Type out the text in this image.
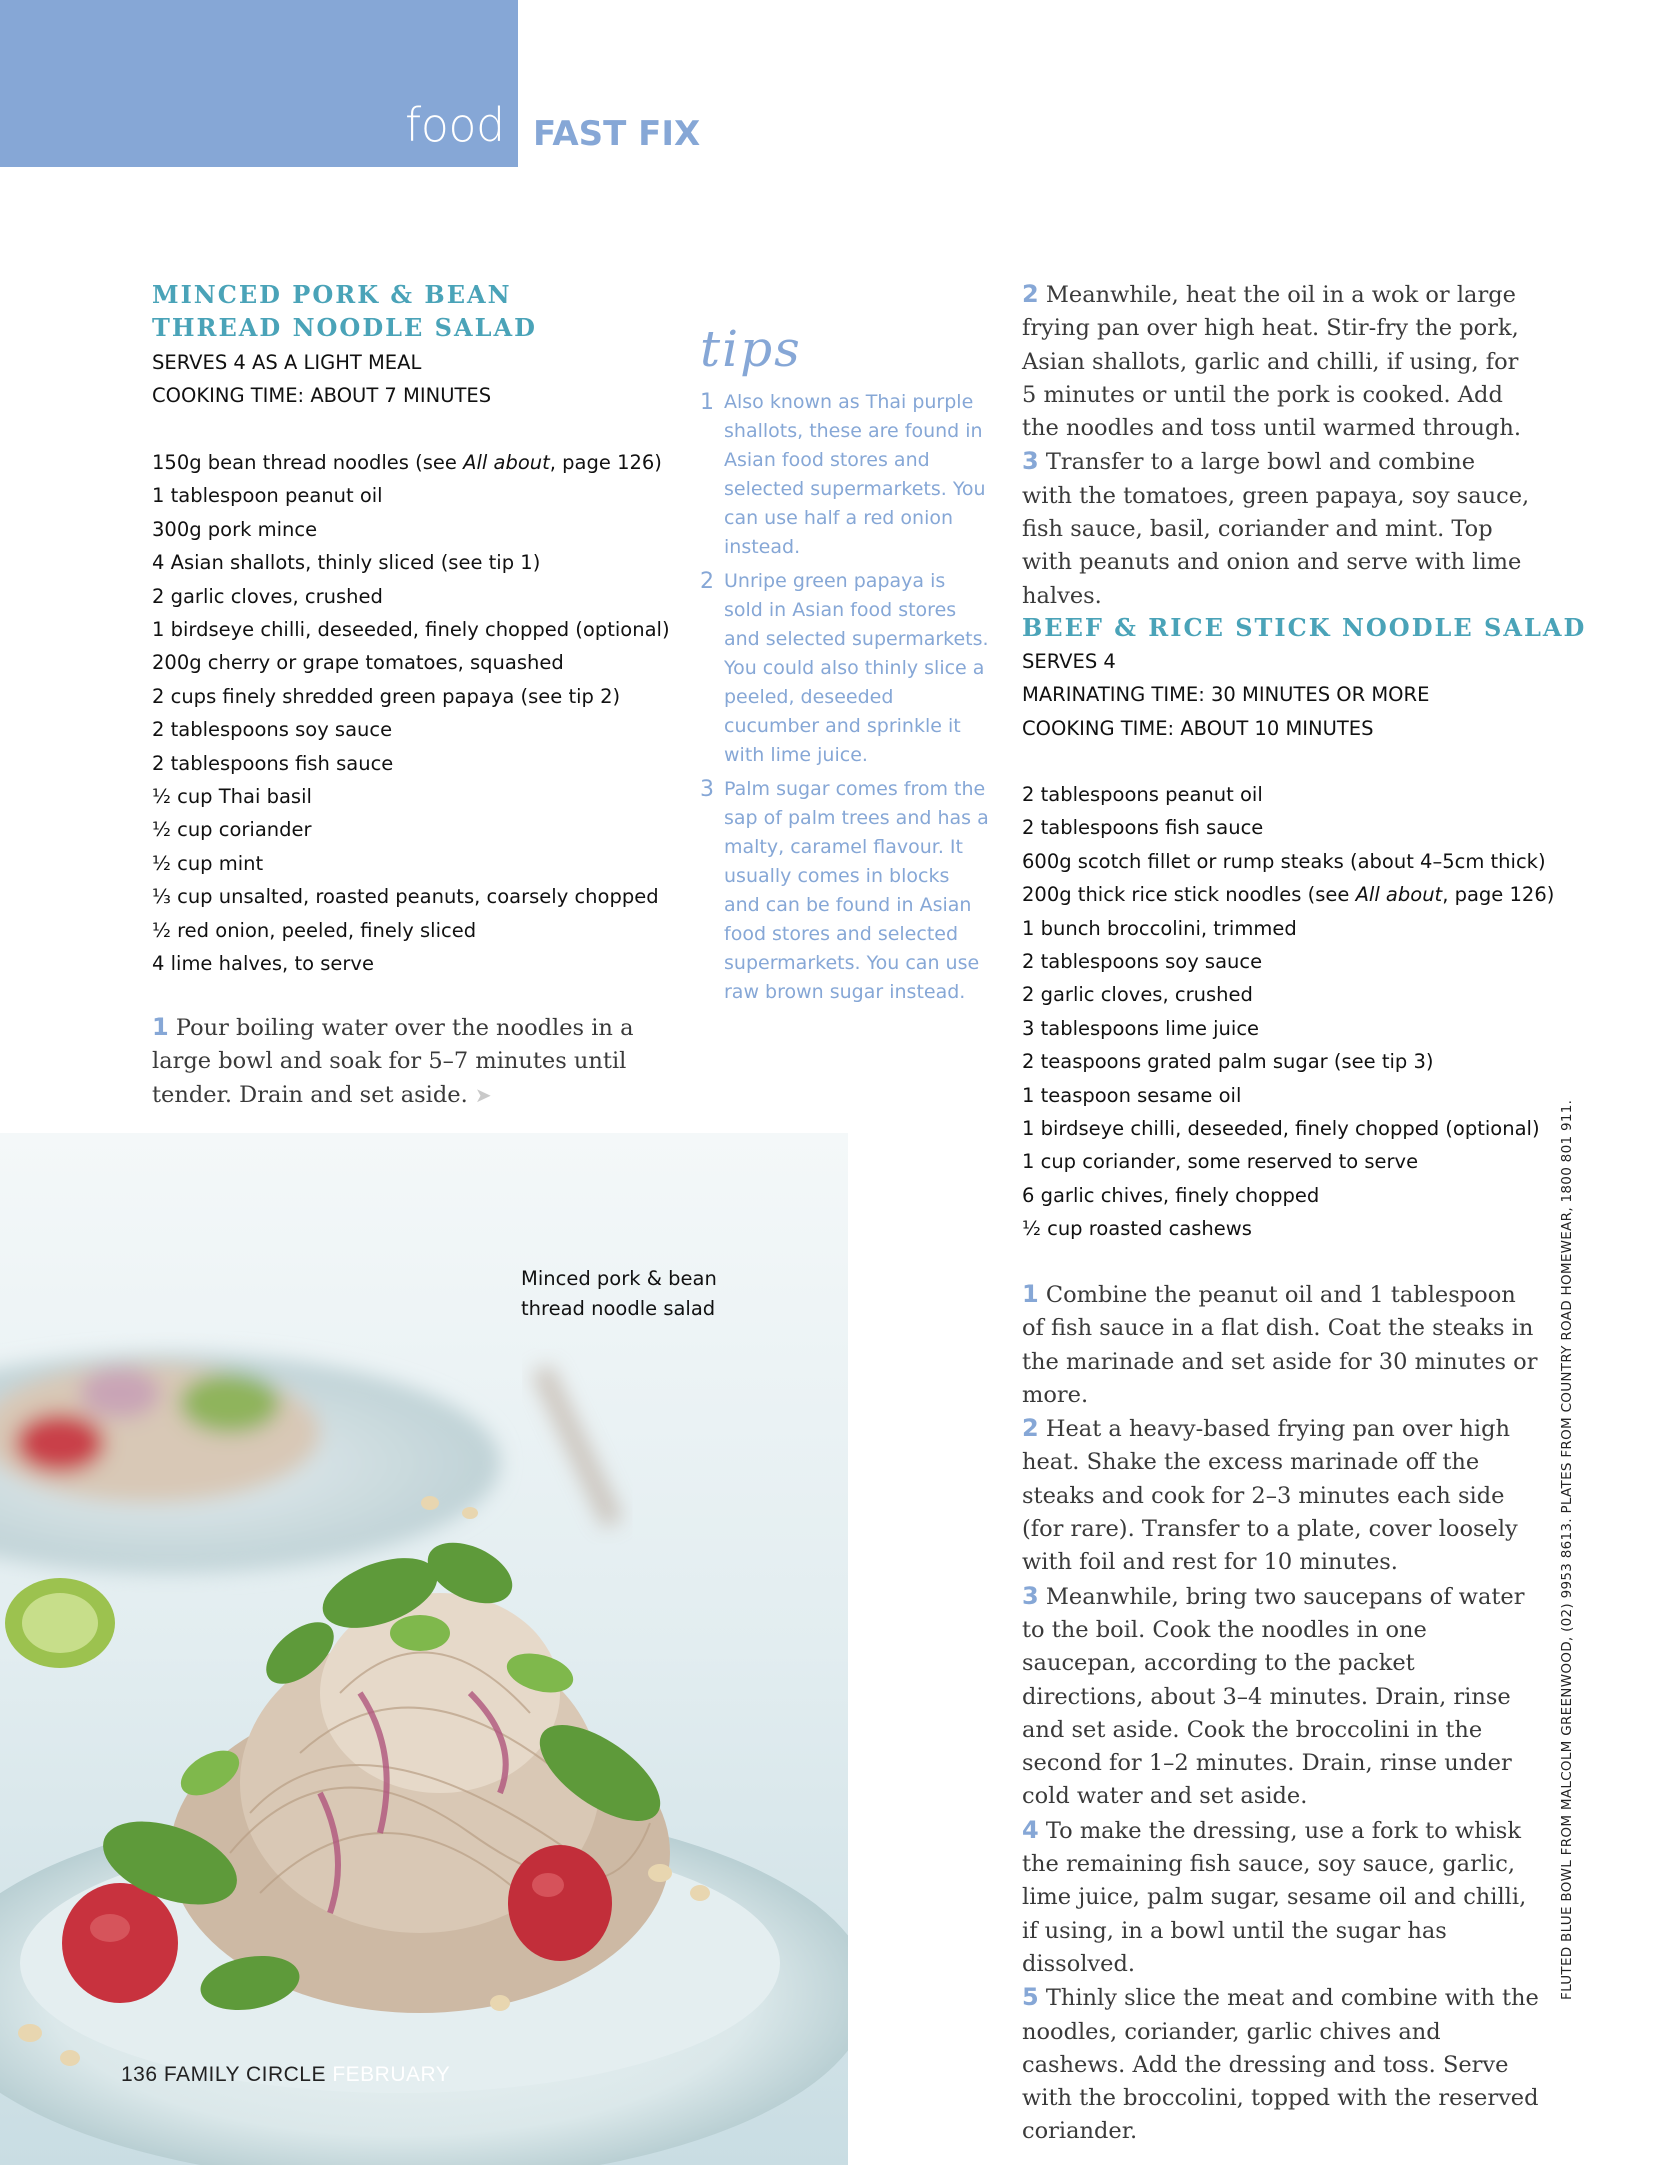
food FAST FIX
MINCED PORK & BEAN
THREAD NOODLE SALAD
SERVES 4 AS A LIGHT MEAL
COOKING TIME: ABOUT 7 MINUTES
150g bean thread noodles (see All about, page 126)
1 tablespoon peanut oil
300g pork mince
4 Asian shallots, thinly sliced (see tip 1)
2 garlic cloves, crushed
1 birdseye chilli, deseeded, finely chopped (optional)
200g cherry or grape tomatoes, squashed
2 cups finely shredded green papaya (see tip 2)
2 tablespoons soy sauce
2 tablespoons fish sauce
½ cup Thai basil
½ cup coriander
½ cup mint
⅓ cup unsalted, roasted peanuts, coarsely chopped
½ red onion, peeled, finely sliced
4 lime halves, to serve

1 Pour boiling water over the noodles in a large bowl and soak for 5–7 minutes until tender. Drain and set aside. ➤

tips
1 Also known as Thai purple shallots, these are found in Asian food stores and selected supermarkets. You can use half a red onion instead.
2 Unripe green papaya is sold in Asian food stores and selected supermarkets. You could also thinly slice a peeled, deseeded cucumber and sprinkle it with lime juice.
3 Palm sugar comes from the sap of palm trees and has a malty, caramel flavour. It usually comes in blocks and can be found in Asian food stores and selected supermarkets. You can use raw brown sugar instead.

2 Meanwhile, heat the oil in a wok or large frying pan over high heat. Stir-fry the pork, Asian shallots, garlic and chilli, if using, for 5 minutes or until the pork is cooked. Add the noodles and toss until warmed through.

3 Transfer to a large bowl and combine with the tomatoes, green papaya, soy sauce, fish sauce, basil, coriander and mint. Top with peanuts and onion and serve with lime halves.

BEEF & RICE STICK NOODLE SALAD
SERVES 4
MARINATING TIME: 30 MINUTES OR MORE
COOKING TIME: ABOUT 10 MINUTES
2 tablespoons peanut oil
2 tablespoons fish sauce
600g scotch fillet or rump steaks (about 4–5cm thick)
200g thick rice stick noodles (see All about, page 126)
1 bunch broccolini, trimmed
2 tablespoons soy sauce
2 garlic cloves, crushed
3 tablespoons lime juice
2 teaspoons grated palm sugar (see tip 3)
1 teaspoon sesame oil
1 birdseye chilli, deseeded, finely chopped (optional)
1 cup coriander, some reserved to serve
6 garlic chives, finely chopped
½ cup roasted cashews

1 Combine the peanut oil and 1 tablespoon of fish sauce in a flat dish. Coat the steaks in the marinade and set aside for 30 minutes or more.

2 Heat a heavy-based frying pan over high heat. Shake the excess marinade off the steaks and cook for 2–3 minutes each side (for rare). Transfer to a plate, cover loosely with foil and rest for 10 minutes.

3 Meanwhile, bring two saucepans of water to the boil. Cook the noodles in one saucepan, according to the packet directions, about 3–4 minutes. Drain, rinse and set aside. Cook the broccolini in the second for 1–2 minutes. Drain, rinse under cold water and set aside.

4 To make the dressing, use a fork to whisk the remaining fish sauce, soy sauce, garlic, lime juice, palm sugar, sesame oil and chilli, if using, in a bowl until the sugar has dissolved.

5 Thinly slice the meat and combine with the noodles, coriander, garlic chives and cashews. Add the dressing and toss. Serve with the broccolini, topped with the reserved coriander.

Minced pork & bean
thread noodle salad
136 FAMILY CIRCLE FEBRUARY
FLUTED BLUE BOWL FROM MALCOLM GREENWOOD, (02) 9953 8613. PLATES FROM COUNTRY ROAD HOMEWEAR, 1800 801 911.
